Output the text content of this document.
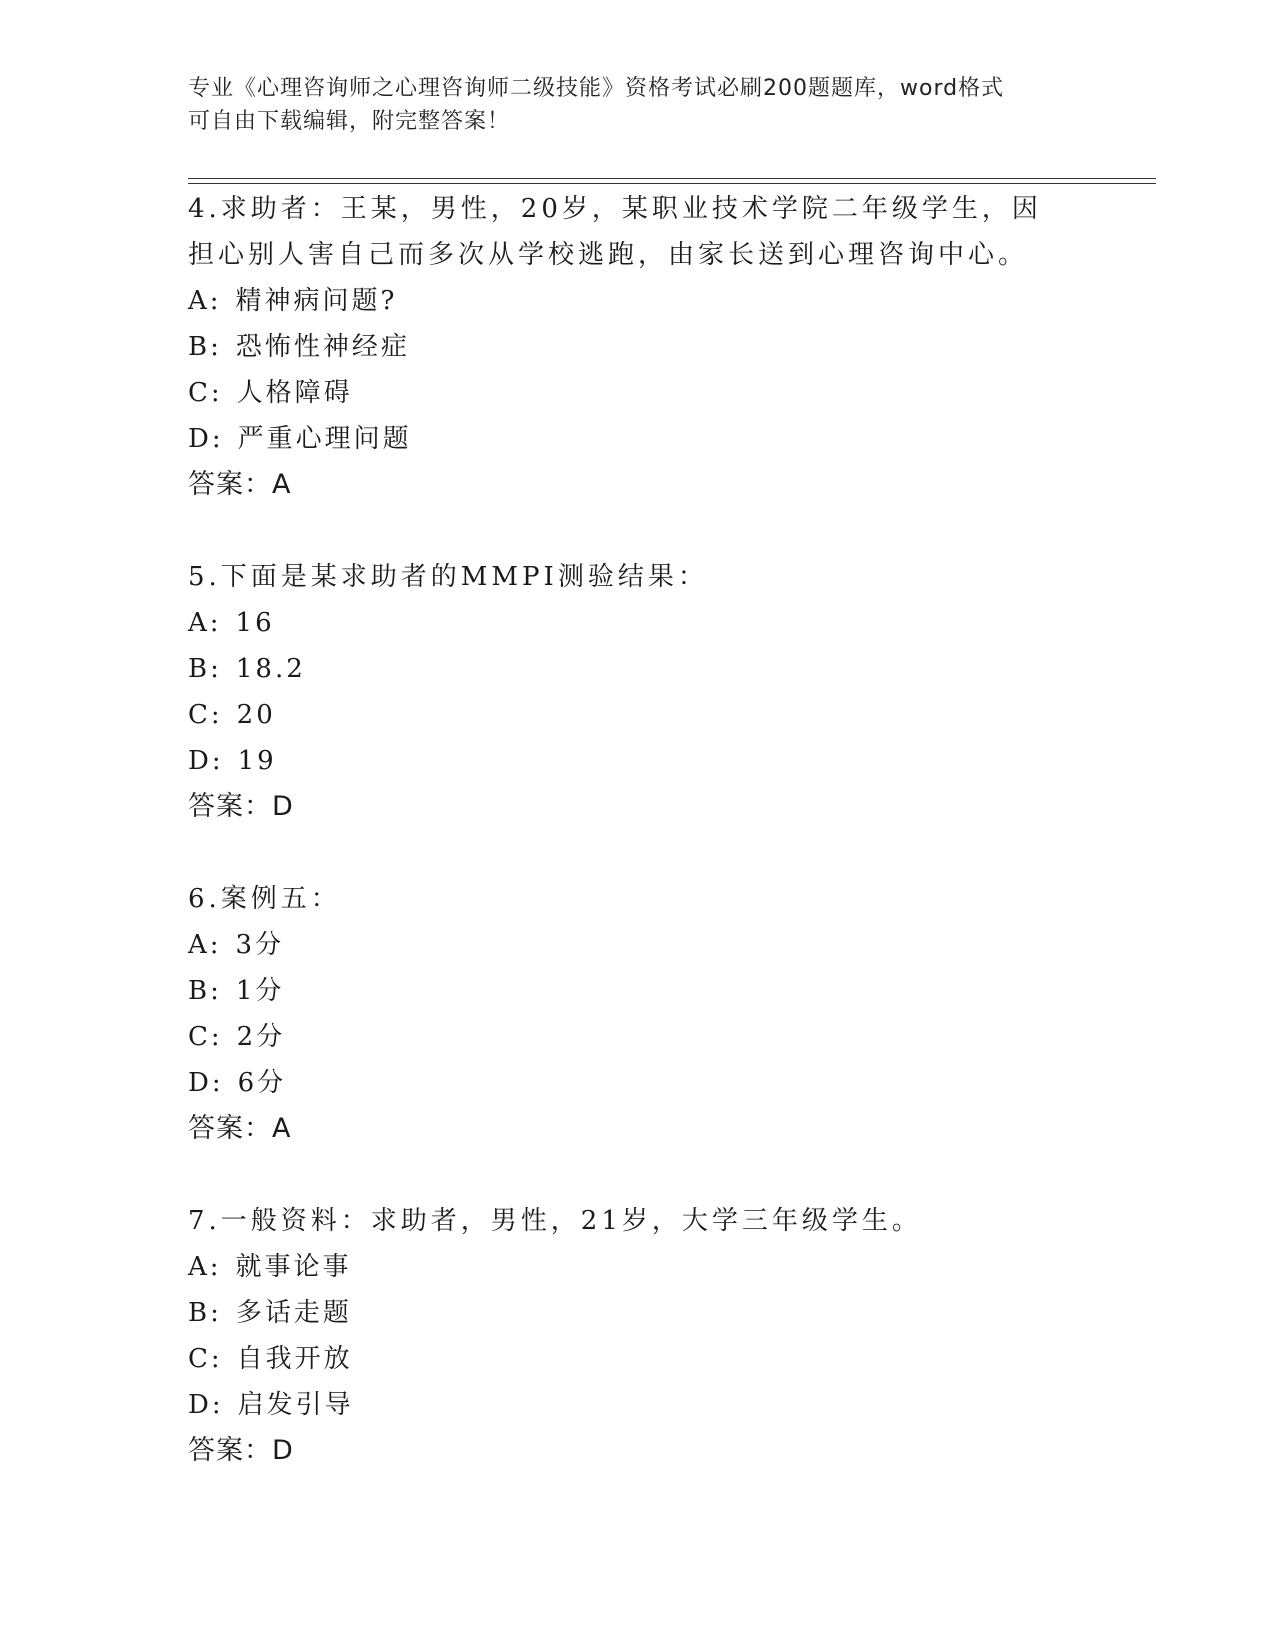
专业《心理咨询师之心理咨询师二级技能》资格考试必刷200题题库，word格式
可自由下载编辑，附完整答案！

4.求助者：王某，男性，20岁，某职业技术学院二年级学生，因担心别人害自己而多次从学校逃跑，由家长送到心理咨询中心。

A: 精神病问题?

B: 恐怖性神经症

C: 人格障碍

D: 严重心理问题

答案：A

5.下面是某求助者的MMPI测验结果：

A: 16

B: 18.2

C: 20

D: 19

答案：D

6.案例五：

A: 3分

B: 1分

C: 2分

D: 6分

答案：A

7.一般资料：求助者，男性，21岁，大学三年级学生。

A: 就事论事

B: 多话走题

C: 自我开放

D: 启发引导

答案：D
